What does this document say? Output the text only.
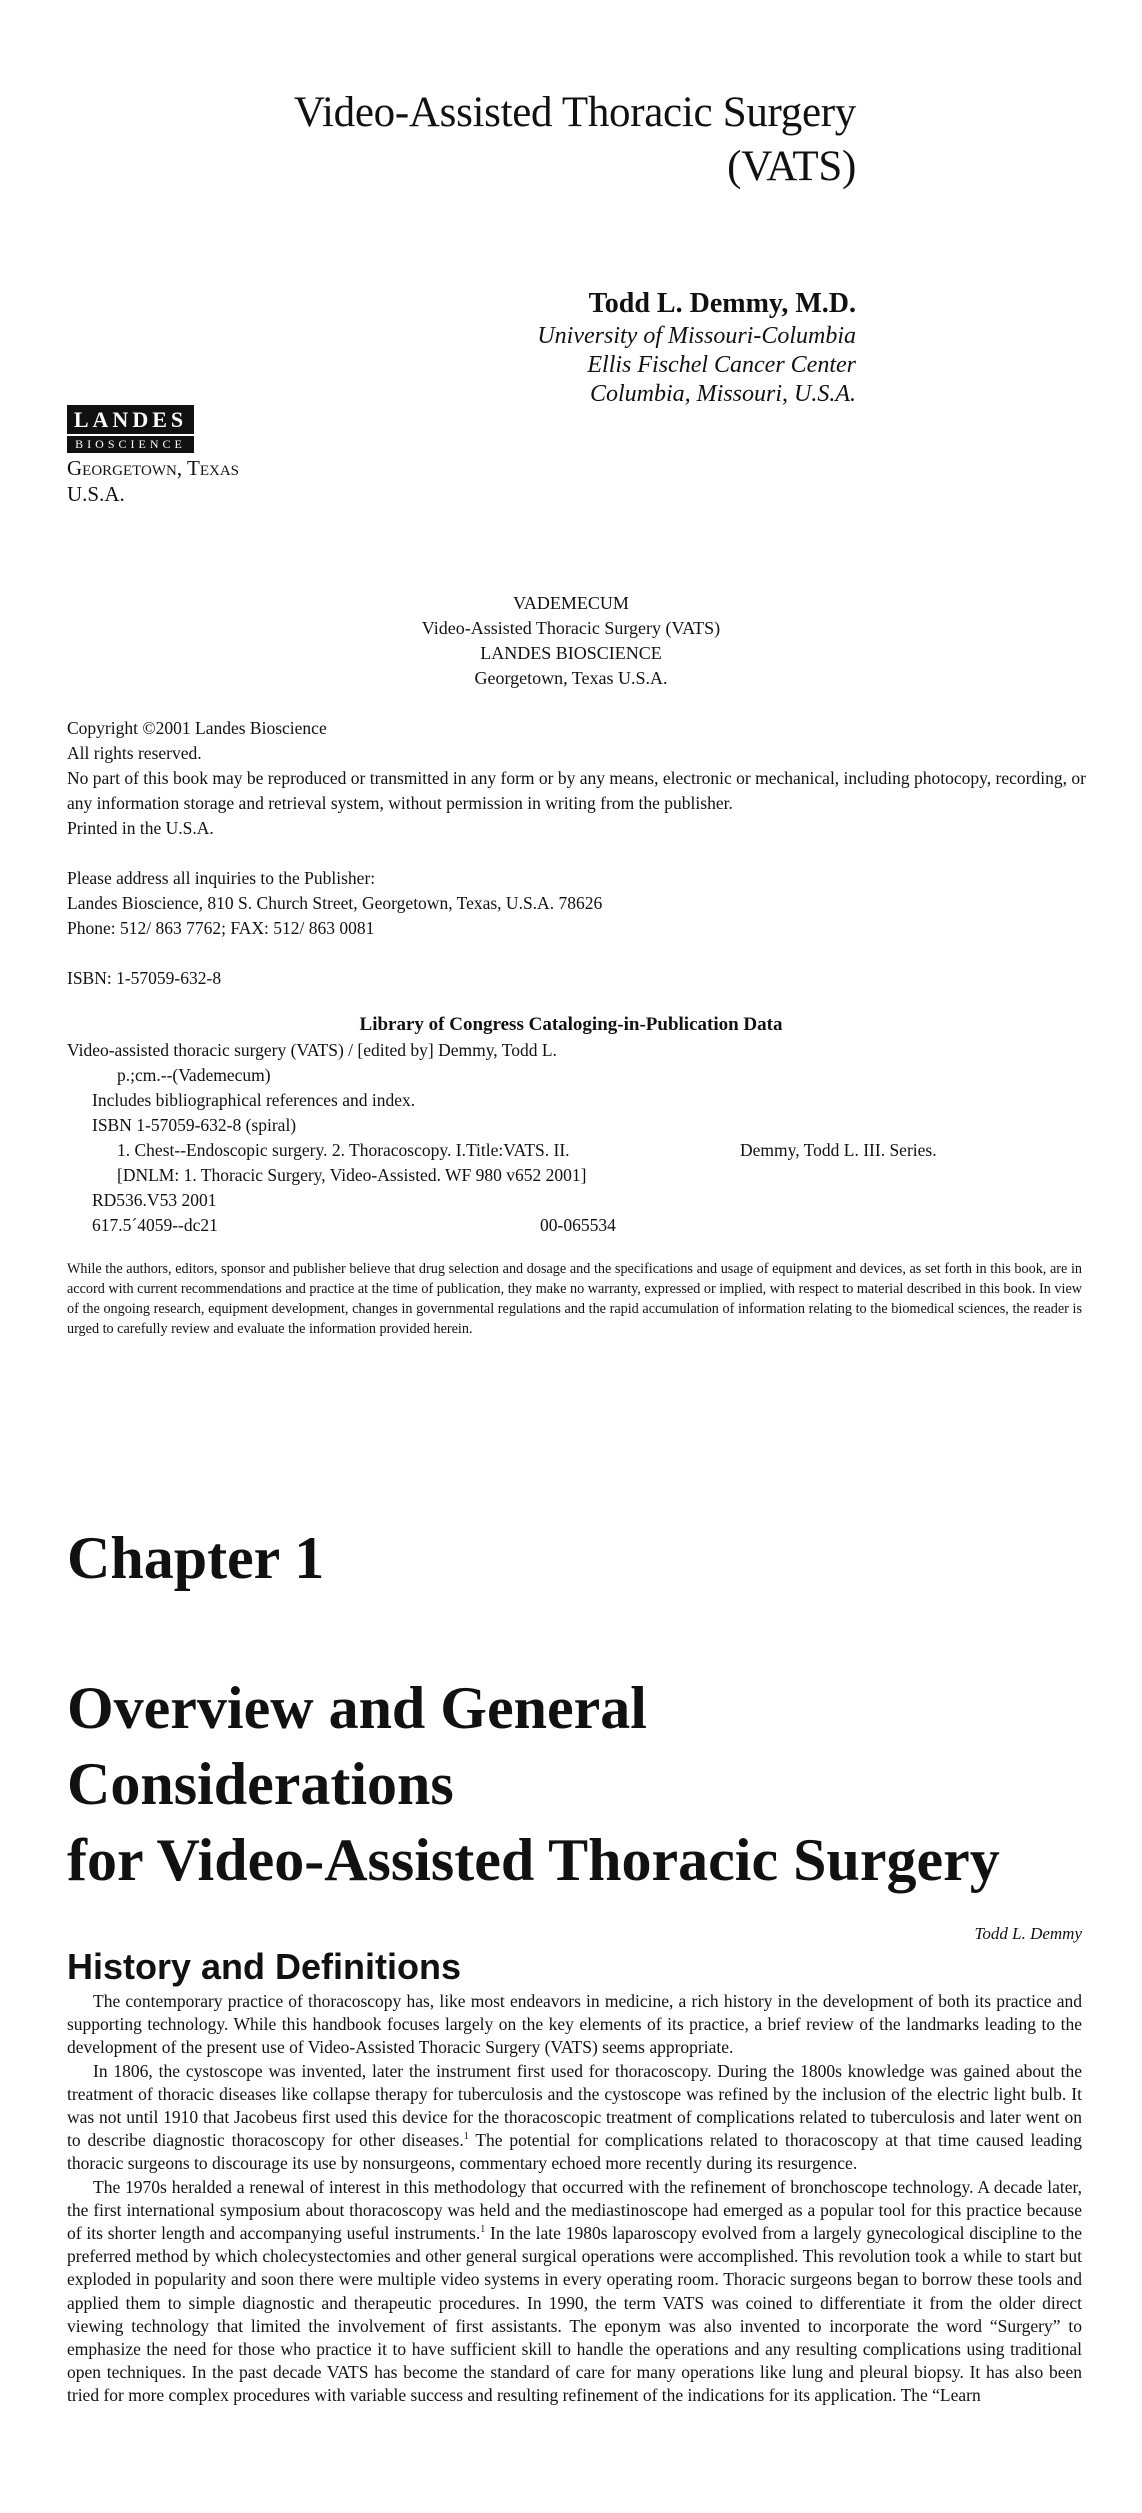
Video-Assisted Thoracic Surgery
(VATS)
Todd L. Demmy, M.D.
University of Missouri-Columbia
Ellis Fischel Cancer Center
Columbia, Missouri, U.S.A.
LANDES
BIOSCIENCE
Georgetown, Texas
U.S.A.
VADEMECUM
Video-Assisted Thoracic Surgery (VATS)
LANDES BIOSCIENCE
Georgetown, Texas U.S.A.

Copyright ©2001 Landes Bioscience

All rights reserved.

No part of this book may be reproduced or transmitted in any form or by any means, electronic or mechanical, including photocopy, recording, or any information storage and retrieval system, without permission in writing from the publisher.

Printed in the U.S.A.

Please address all inquiries to the Publisher:

Landes Bioscience, 810 S. Church Street, Georgetown, Texas, U.S.A. 78626

Phone: 512/ 863 7762; FAX: 512/ 863 0081

ISBN: 1-57059-632-8

Library of Congress Cataloging-in-Publication Data
Video-assisted thoracic surgery (VATS) / [edited by] Demmy, Todd L.
p.;cm.--(Vademecum)
Includes bibliographical references and index.
ISBN 1-57059-632-8 (spiral)
1. Chest--Endoscopic surgery. 2. Thoracoscopy. I.Title:VATS. II.	Demmy, Todd L. III. Series.
[DNLM: 1. Thoracic Surgery, Video-Assisted. WF 980 v652 2001]
RD536.V53 2001
617.5´4059--dc21	00-065534
While the authors, editors, sponsor and publisher believe that drug selection and dosage and the specifications and usage of equipment and devices, as set forth in this book, are in accord with current recommendations and practice at the time of publication, they make no warranty, expressed or implied, with respect to material described in this book. In view of the ongoing research, equipment development, changes in governmental regulations and the rapid accumulation of information relating to the biomedical sciences, the reader is urged to carefully review and evaluate the information provided herein.
Chapter 1
Overview and General
Considerations
for Video-Assisted Thoracic Surgery
Todd L. Demmy
History and Definitions

The contemporary practice of thoracoscopy has, like most endeavors in medicine, a rich history in the development of both its practice and supporting technology. While this handbook focuses largely on the key elements of its practice, a brief review of the landmarks leading to the development of the present use of Video-Assisted Thoracic Surgery (VATS) seems appropriate.

In 1806, the cystoscope was invented, later the instrument first used for thoracoscopy. During the 1800s knowledge was gained about the treatment of thoracic diseases like collapse therapy for tuberculosis and the cystoscope was refined by the inclusion of the electric light bulb. It was not until 1910 that Jacobeus first used this device for the thoracoscopic treatment of complications related to tuberculosis and later went on to describe diagnostic thoracoscopy for other diseases.$^1$ The potential for complications related to thoracoscopy at that time caused leading thoracic surgeons to discourage its use by nonsurgeons, commentary echoed more recently during its resurgence.

The 1970s heralded a renewal of interest in this methodology that occurred with the refinement of bronchoscope technology. A decade later, the first international symposium about thoracoscopy was held and the mediastinoscope had emerged as a popular tool for this practice because of its shorter length and accompanying useful instruments.$^1$ In the late 1980s laparoscopy evolved from a largely gynecological discipline to the preferred method by which cholecystectomies and other general surgical operations were accomplished. This revolution took a while to start but exploded in popularity and soon there were multiple video systems in every operating room. Thoracic surgeons began to borrow these tools and applied them to simple diagnostic and therapeutic procedures. In 1990, the term VATS was coined to differentiate it from the older direct viewing technology that limited the involvement of first assistants. The eponym was also invented to incorporate the word “Surgery” to emphasize the need for those who practice it to have sufficient skill to handle the operations and any resulting complications using traditional open techniques. In the past decade VATS has become the standard of care for many operations like lung and pleural biopsy. It has also been tried for more complex procedures with variable success and resulting refinement of the indications for its application. The “Learn
